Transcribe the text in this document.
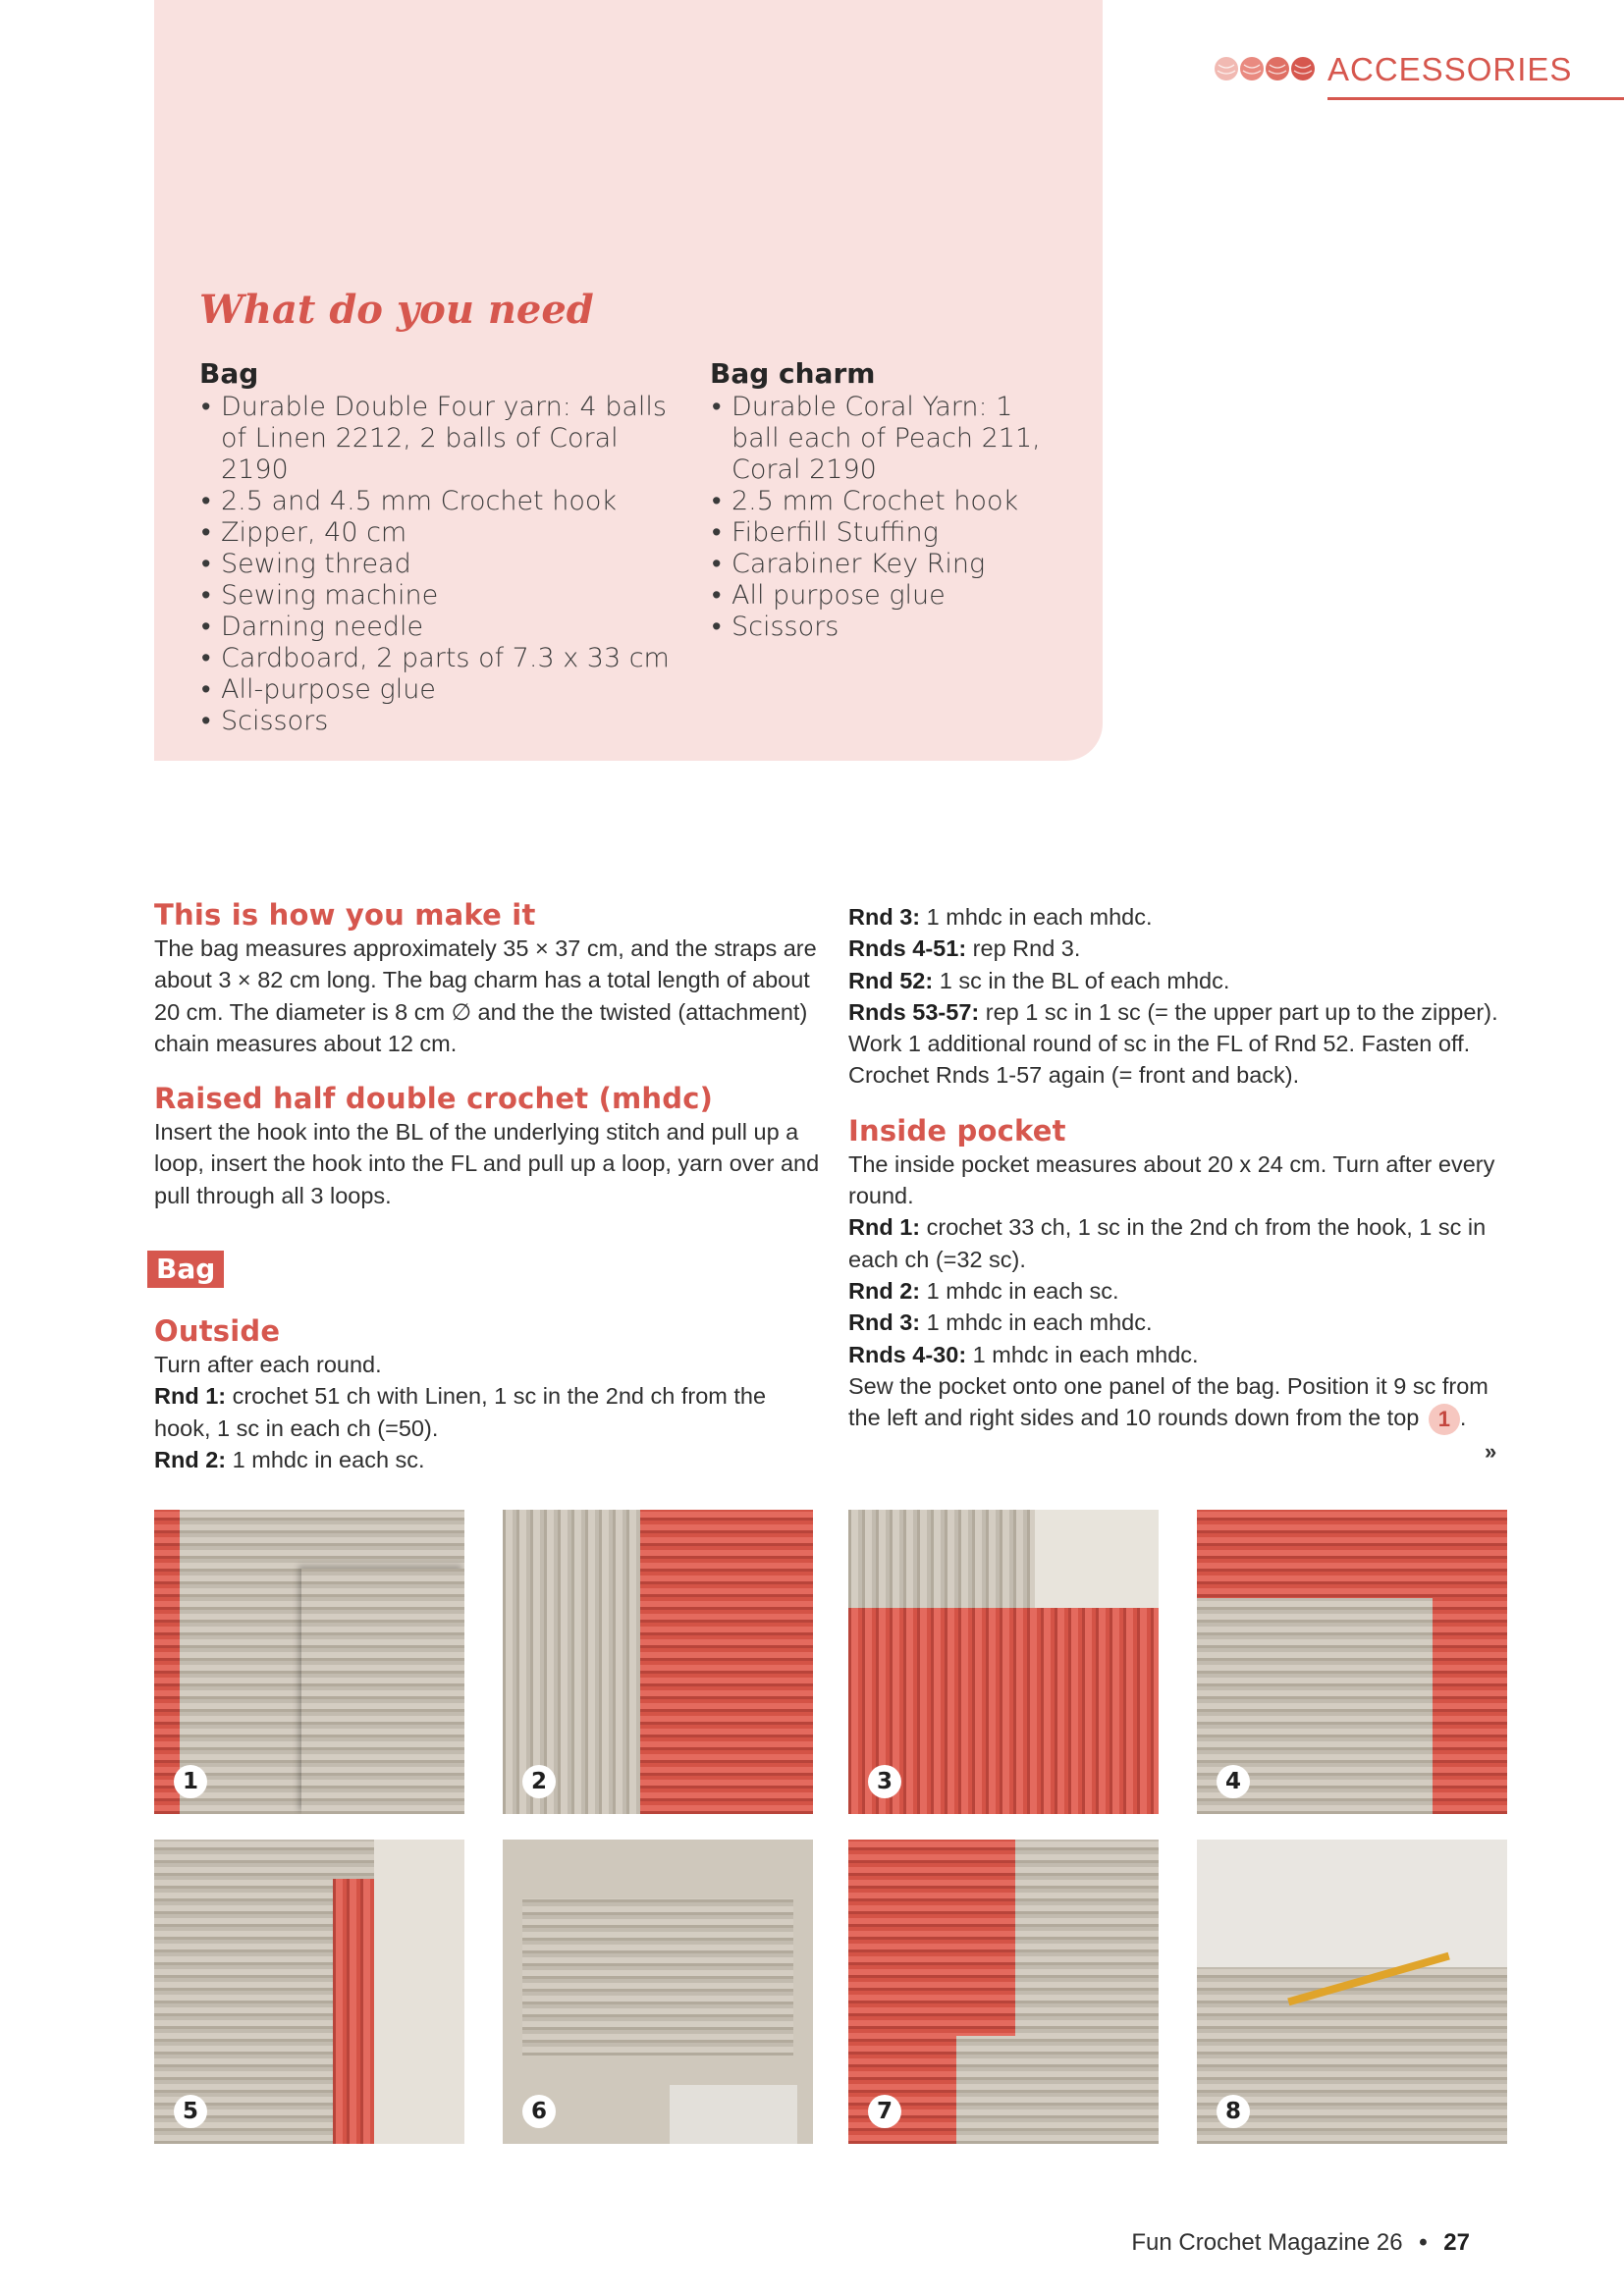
ACCESSORIES
What do you need
Bag
• Durable Double Four yarn: 4 balls of Linen 2212, 2 balls of Coral 2190
• 2.5 and 4.5 mm Crochet hook
• Zipper, 40 cm
• Sewing thread
• Sewing machine
• Darning needle
• Cardboard, 2 parts of 7.3 x 33 cm
• All-purpose glue
• Scissors
Bag charm
• Durable Coral Yarn: 1 ball each of Peach 211, Coral 2190
• 2.5 mm Crochet hook
• Fiberfill Stuffing
• Carabiner Key Ring
• All purpose glue
• Scissors
This is how you make it

The bag measures approximately 35 × 37 cm, and the straps are about 3 × 82 cm long. The bag charm has a total length of about 20 cm. The diameter is 8 cm ∅ and the the twisted (attachment) chain measures about 12 cm.

Raised half double crochet (mhdc)

Insert the hook into the BL of the underlying stitch and pull up a loop, insert the hook into the FL and pull up a loop, yarn over and pull through all 3 loops.

Bag
Outside

Turn after each round.

Rnd 1: crochet 51 ch with Linen, 1 sc in the 2nd ch from the hook, 1 sc in each ch (=50).

Rnd 2: 1 mhdc in each sc.

Rnd 3: 1 mhdc in each mhdc.

Rnds 4-51: rep Rnd 3.

Rnd 52: 1 sc in the BL of each mhdc.

Rnds 53-57: rep 1 sc in 1 sc (= the upper part up to the zipper).

Work 1 additional round of sc in the FL of Rnd 52. Fasten off. Crochet Rnds 1-57 again (= front and back).

Inside pocket

The inside pocket measures about 20 x 24 cm. Turn after every round.

Rnd 1: crochet 33 ch, 1 sc in the 2nd ch from the hook, 1 sc in each ch (=32 sc).

Rnd 2: 1 mhdc in each sc.

Rnd 3: 1 mhdc in each mhdc.

Rnds 4-30: 1 mhdc in each mhdc.

Sew the pocket onto one panel of the bag. Position it 9 sc from the left and right sides and 10 rounds down from the top 1 .

»
1	2	3	4
5	6	7	8
Fun Crochet Magazine 26 • 27
